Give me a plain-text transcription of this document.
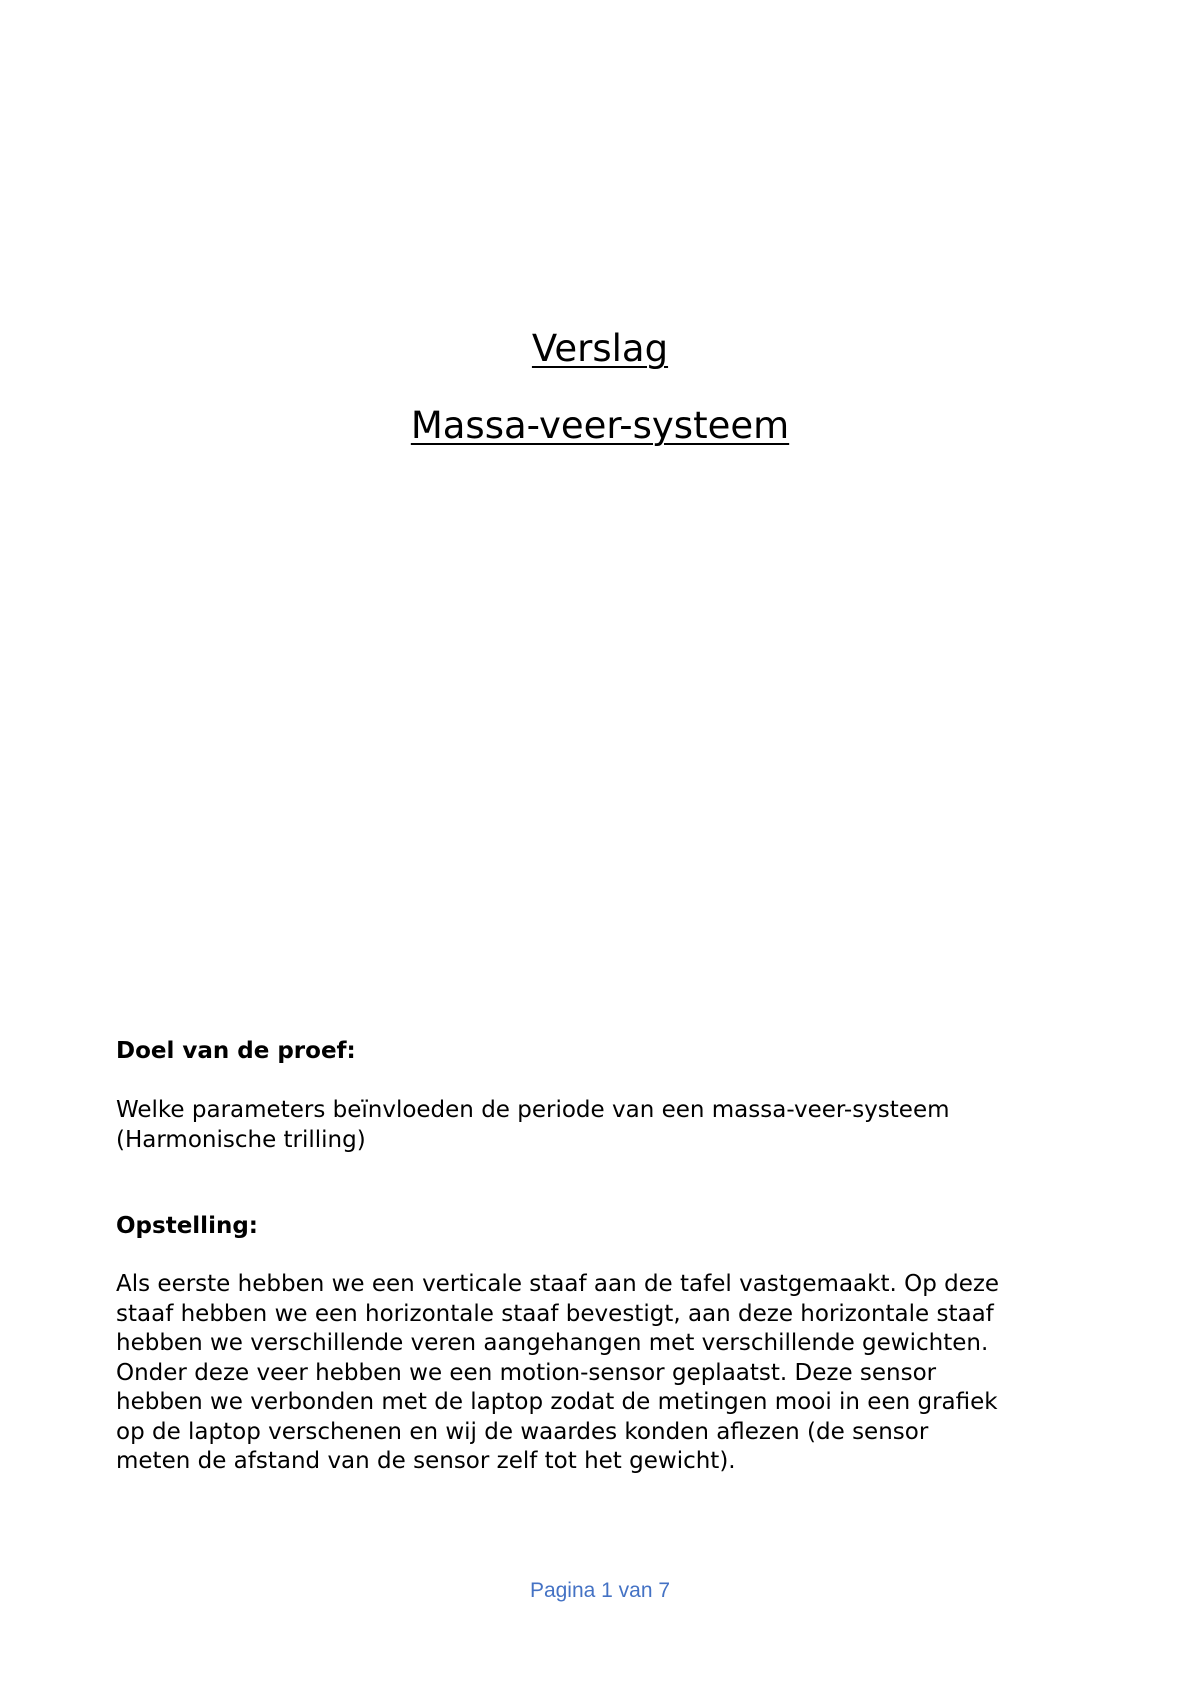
Verslag
Massa-veer-systeem
Doel van de proef:
Welke parameters beïnvloeden de periode van een massa-veer-systeem
(Harmonische trilling)
Opstelling:
Als eerste hebben we een verticale staaf aan de tafel vastgemaakt. Op deze
staaf hebben we een horizontale staaf bevestigt, aan deze horizontale staaf
hebben we verschillende veren aangehangen met verschillende gewichten.
Onder deze veer hebben we een motion-sensor geplaatst. Deze sensor
hebben we verbonden met de laptop zodat de metingen mooi in een grafiek
op de laptop verschenen en wij de waardes konden aflezen (de sensor
meten de afstand van de sensor zelf tot het gewicht).
Pagina 1 van 7
